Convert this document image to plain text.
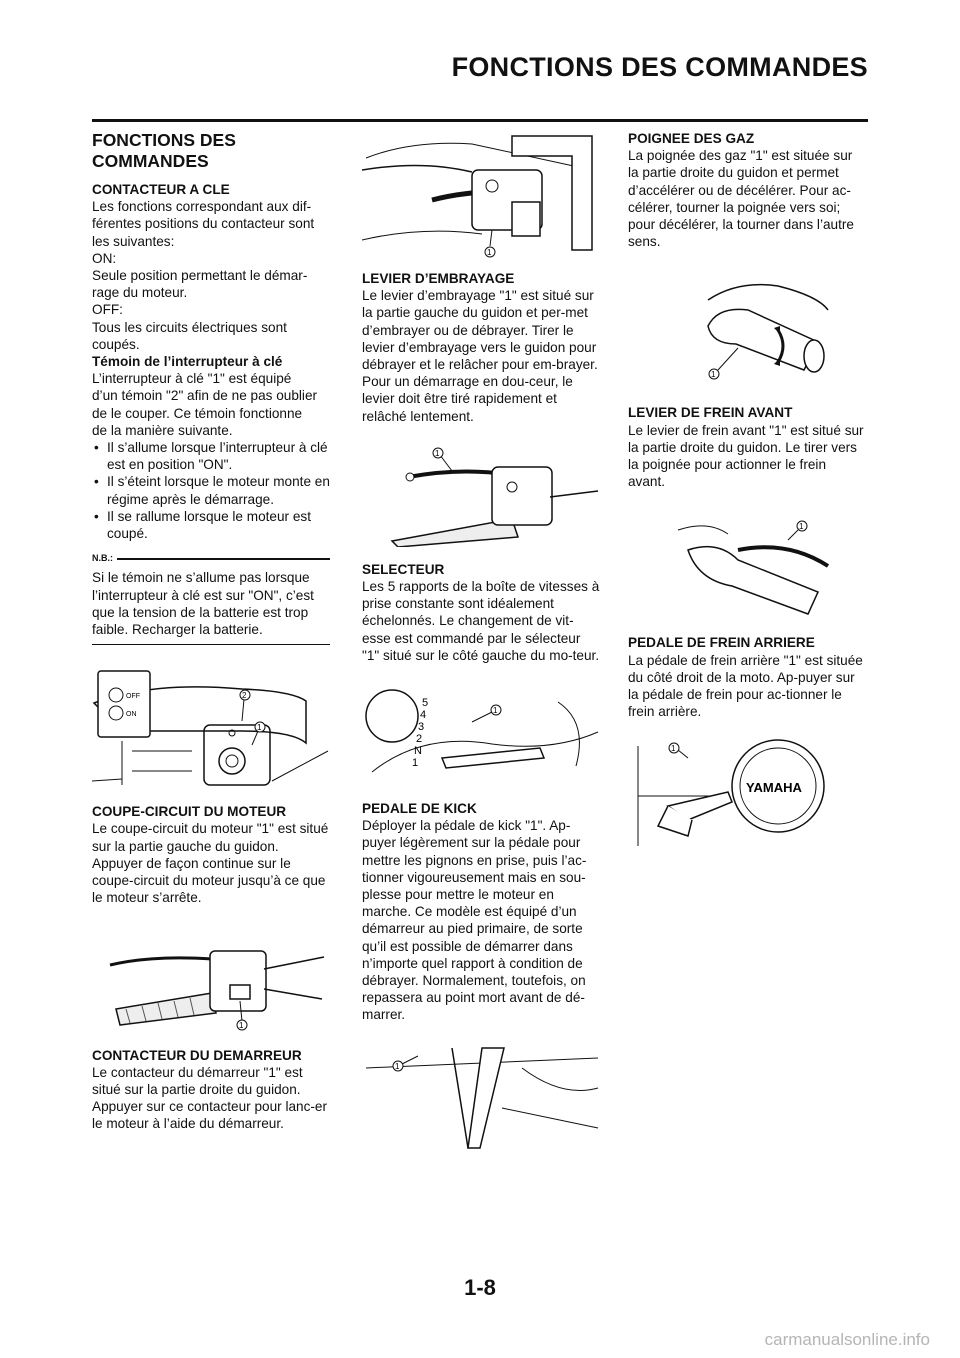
FONCTIONS DES COMMANDES
FONCTIONS DES COMMANDES

CONTACTEUR A CLE

Les fonctions correspondant aux dif-

férentes positions du contacteur sont

les suivantes:

ON:

Seule position permettant le démar-

rage du moteur.

OFF:

Tous les circuits électriques sont

coupés.

Témoin de l’interrupteur à clé

L’interrupteur à clé "1" est équipé

d’un témoin "2" afin de ne pas oublier

de le couper. Ce témoin fonctionne

de la manière suivante.

• Il s’allume lorsque l’interrupteur à clé est en position "ON".
• Il s’éteint lorsque le moteur monte en régime après le démarrage.
• Il se rallume lorsque le moteur est coupé.
N.B.:

Si le témoin ne s’allume pas lorsque l’interrupteur à clé est sur "ON", c’est que la tension de la batterie est trop faible. Recharger la batterie.

OFF
ON
2
1

COUPE-CIRCUIT DU MOTEUR

Le coupe-circuit du moteur "1" est situé sur la partie gauche du guidon. Appuyer de façon continue sur le coupe-circuit du moteur jusqu’à ce que le moteur s’arrête.

1

CONTACTEUR DU DEMARREUR

Le contacteur du démarreur "1" est situé sur la partie droite du guidon. Appuyer sur ce contacteur pour lanc-er le moteur à l’aide du démarreur.

1

LEVIER D’EMBRAYAGE

Le levier d’embrayage "1" est situé sur la partie gauche du guidon et per-met d’embrayer ou de débrayer. Tirer le levier d’embrayage vers le guidon pour débrayer et le relâcher pour em-brayer. Pour un démarrage en dou-ceur, le levier doit être tiré rapidement et relâché lentement.

1

SELECTEUR

Les 5 rapports de la boîte de vitesses à prise constante sont idéalement échelonnés. Le changement de vit-esse est commandé par le sélecteur "1" situé sur le côté gauche du mo-teur.

1
5
4
3
2
N
1

PEDALE DE KICK

Déployer la pédale de kick "1". Ap-puyer légèrement sur la pédale pour mettre les pignons en prise, puis l’ac-tionner vigoureusement mais en sou-plesse pour mettre le moteur en marche. Ce modèle est équipé d’un démarreur au pied primaire, de sorte qu’il est possible de démarrer dans n’importe quel rapport à condition de débrayer. Normalement, toutefois, on repassera au point mort avant de dé-marrer.

1

POIGNEE DES GAZ

La poignée des gaz "1" est située sur la partie droite du guidon et permet d’accélérer ou de décélérer. Pour ac-célérer, tourner la poignée vers soi; pour décélérer, la tourner dans l’autre sens.

1

LEVIER DE FREIN AVANT

Le levier de frein avant "1" est situé sur la partie droite du guidon. Le tirer vers la poignée pour actionner le frein avant.

1

PEDALE DE FREIN ARRIERE

La pédale de frein arrière "1" est située du côté droit de la moto. Ap-puyer sur la pédale de frein pour ac-tionner le frein arrière.

YAMAHA
1
1-8
carmanualsonline.info
